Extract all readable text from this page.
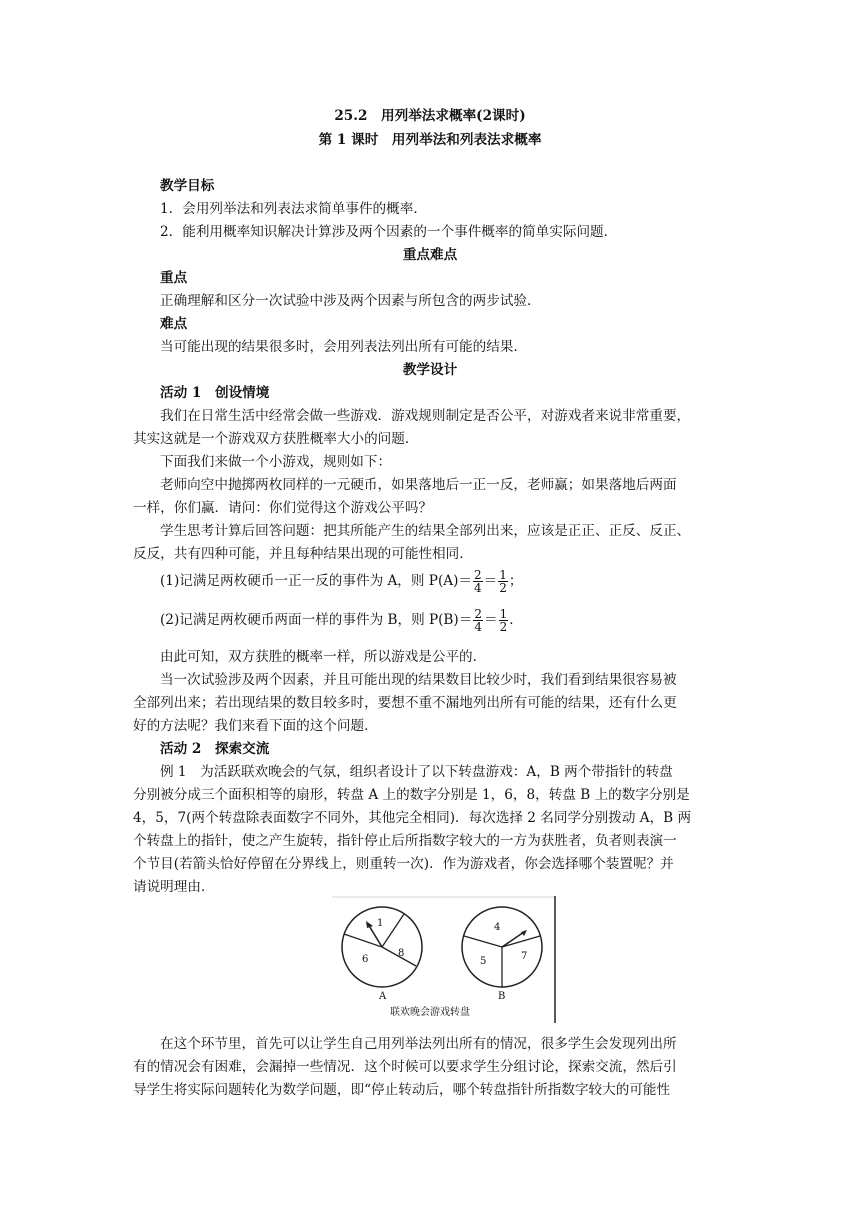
25.2　用列举法求概率(2课时)
第 1 课时　用列举法和列表法求概率
教学目标
1．会用列举法和列表法求简单事件的概率．
2．能利用概率知识解决计算涉及两个因素的一个事件概率的简单实际问题．
重点难点
重点
正确理解和区分一次试验中涉及两个因素与所包含的两步试验．
难点
当可能出现的结果很多时，会用列表法列出所有可能的结果．
教学设计
活动 1　创设情境
我们在日常生活中经常会做一些游戏．游戏规则制定是否公平，对游戏者来说非常重要，
其实这就是一个游戏双方获胜概率大小的问题．
下面我们来做一个小游戏，规则如下：
老师向空中抛掷两枚同样的一元硬币，如果落地后一正一反，老师赢；如果落地后两面
一样，你们赢．请问：你们觉得这个游戏公平吗？
学生思考计算后回答问题：把其所能产生的结果全部列出来，应该是正正、正反、反正、
反反，共有四种可能，并且每种结果出现的可能性相同．
(1)记满足两枚硬币一正一反的事件为 A，则 $P(A)= \frac{2}{4} = \frac{1}{2}$ ；
(2)记满足两枚硬币两面一样的事件为 B，则 $P(B)= \frac{2}{4} = \frac{1}{2}$ ．
由此可知，双方获胜的概率一样，所以游戏是公平的．
当一次试验涉及两个因素，并且可能出现的结果数目比较少时，我们看到结果很容易被
全部列出来；若出现结果的数目较多时，要想不重不漏地列出所有可能的结果，还有什么更
好的方法呢？我们来看下面的这个问题．
活动 2　探索交流
例 1　为活跃联欢晚会的气氛，组织者设计了以下转盘游戏：A，B 两个带指针的转盘
分别被分成三个面积相等的扇形，转盘 A 上的数字分别是 1，6，8，转盘 B 上的数字分别是
4，5，7(两个转盘除表面数字不同外，其他完全相同)．每次选择 2 名同学分别拨动 A，B 两
个转盘上的指针，使之产生旋转，指针停止后所指数字较大的一方为获胜者，负者则表演一
个节目(若箭头恰好停留在分界线上，则重转一次)．作为游戏者，你会选择哪个装置呢？并
请说明理由．
1
8
6
A
4
7
5
B
联欢晚会游戏转盘
在这个环节里，首先可以让学生自己用列举法列出所有的情况，很多学生会发现列出所
有的情况会有困难，会漏掉一些情况．这个时候可以要求学生分组讨论，探索交流，然后引
导学生将实际问题转化为数学问题，即“停止转动后，哪个转盘指针所指数字较大的可能性
